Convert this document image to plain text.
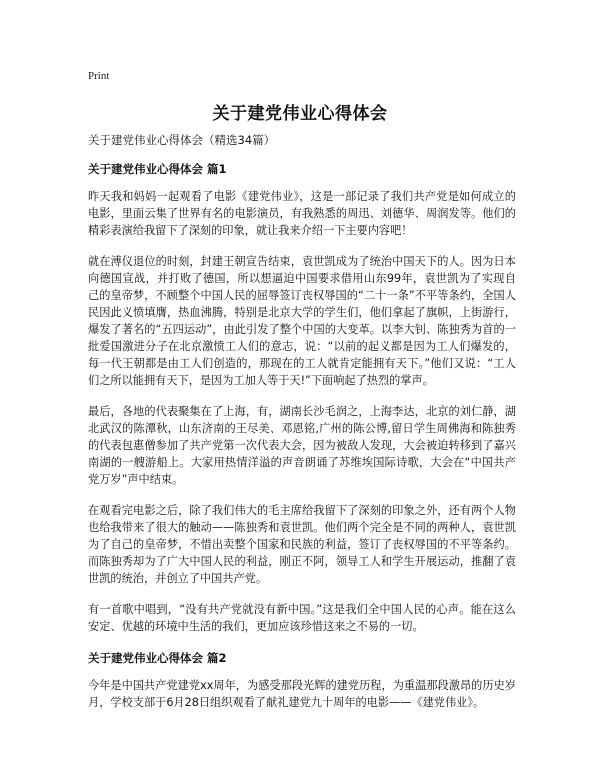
Print
关于建党伟业心得体会

关于建党伟业心得体会（精选34篇）

关于建党伟业心得体会 篇1

昨天我和妈妈一起观看了电影《建党伟业》，这是一部记录了我们共产党是如何成立的电影，里面云集了世界有名的电影演员，有我熟悉的周迅、刘德华、周润发等。他们的精彩表演给我留下了深刻的印象，就让我来介绍一下主要内容吧！

就在溥仪退位的时刻，封建王朝宣告结束，袁世凯成为了统治中国天下的人。因为日本向德国宣战，并打败了德国，所以想逼迫中国要求借用山东99年，袁世凯为了实现自己的皇帝梦，不顾整个中国人民的屈辱签订丧权辱国的“二十一条”不平等条约，全国人民因此义愤填膺，热血沸腾，特别是北京大学的学生们，他们拿起了旗帜，上街游行，爆发了著名的“五四运动”，由此引发了整个中国的大变革。以李大钊、陈独秀为首的一批爱国激进分子在北京激愤工人们的意志，说：“以前的起义都是因为工人们爆发的，每一代王朝都是由工人们创造的，那现在的工人就肯定能拥有天下。”他们又说：“工人们之所以能拥有天下，是因为工加人等于天!”下面响起了热烈的掌声。

最后，各地的代表聚集在了上海，有，湖南长沙毛润之，上海李达，北京的刘仁静，湖北武汉的陈潭秋，山东济南的王尽美、邓恩铭,广州的陈公博,留日学生周佛海和陈独秀的代表包惠僧参加了共产党第一次代表大会，因为被敌人发现，大会被迫转移到了嘉兴南湖的一艘游船上。大家用热情洋溢的声音朗诵了苏维埃国际诗歌，大会在“中国共产党万岁”声中结束。

在观看完电影之后，除了我们伟大的毛主席给我留下了深刻的印象之外，还有两个人物也给我带来了很大的触动——陈独秀和袁世凯。他们两个完全是不同的两种人，袁世凯为了自己的皇帝梦，不惜出卖整个国家和民族的利益，签订了丧权辱国的不平等条约。而陈独秀却为了广大中国人民的利益，刚正不阿，领导工人和学生开展运动，推翻了袁世凯的统治，并创立了中国共产党。

有一首歌中唱到，“没有共产党就没有新中国。”这是我们全中国人民的心声。能在这么安定、优越的环境中生活的我们，更加应该珍惜这来之不易的一切。

关于建党伟业心得体会 篇2

今年是中国共产党建党xx周年，为感受那段光辉的建党历程，为重温那段激昂的历史岁月，学校支部于6月28日组织观看了献礼建党九十周年的电影——《建党伟业》。
